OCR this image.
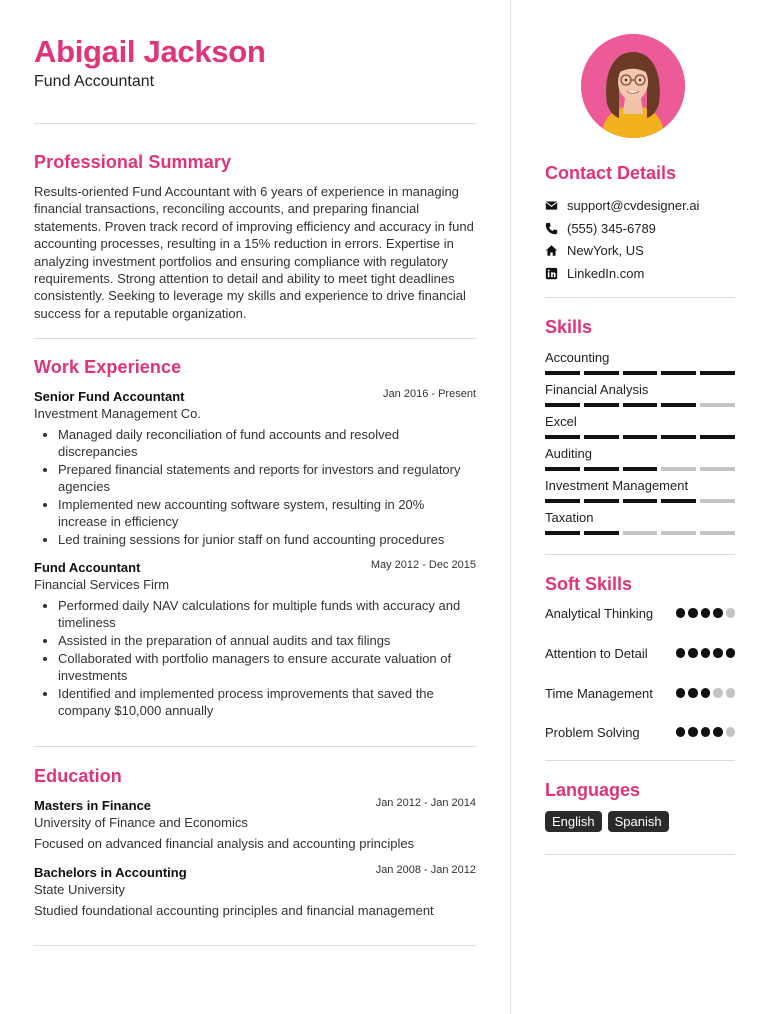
Abigail Jackson
Fund Accountant
Professional Summary
Results-oriented Fund Accountant with 6 years of experience in managing financial transactions, reconciling accounts, and preparing financial statements. Proven track record of improving efficiency and accuracy in fund accounting processes, resulting in a 15% reduction in errors. Expertise in analyzing investment portfolios and ensuring compliance with regulatory requirements. Strong attention to detail and ability to meet tight deadlines consistently. Seeking to leverage my skills and experience to drive financial success for a reputable organization.
Work Experience
Senior Fund Accountant	Jan 2016 - Present
Investment Management Co.
Managed daily reconciliation of fund accounts and resolved discrepancies
Prepared financial statements and reports for investors and regulatory agencies
Implemented new accounting software system, resulting in 20% increase in efficiency
Led training sessions for junior staff on fund accounting procedures
Fund Accountant	May 2012 - Dec 2015
Financial Services Firm
Performed daily NAV calculations for multiple funds with accuracy and timeliness
Assisted in the preparation of annual audits and tax filings
Collaborated with portfolio managers to ensure accurate valuation of investments
Identified and implemented process improvements that saved the company $10,000 annually
Education
Masters in Finance	Jan 2012 - Jan 2014
University of Finance and Economics
Focused on advanced financial analysis and accounting principles
Bachelors in Accounting	Jan 2008 - Jan 2012
State University
Studied foundational accounting principles and financial management
Contact Details
support@cvdesigner.ai
(555) 345-6789
NewYork, US
LinkedIn.com
Skills
Accounting
Financial Analysis
Excel
Auditing
Investment Management
Taxation
Soft Skills
Analytical Thinking
Attention to Detail
Time Management
Problem Solving
Languages
English	Spanish
